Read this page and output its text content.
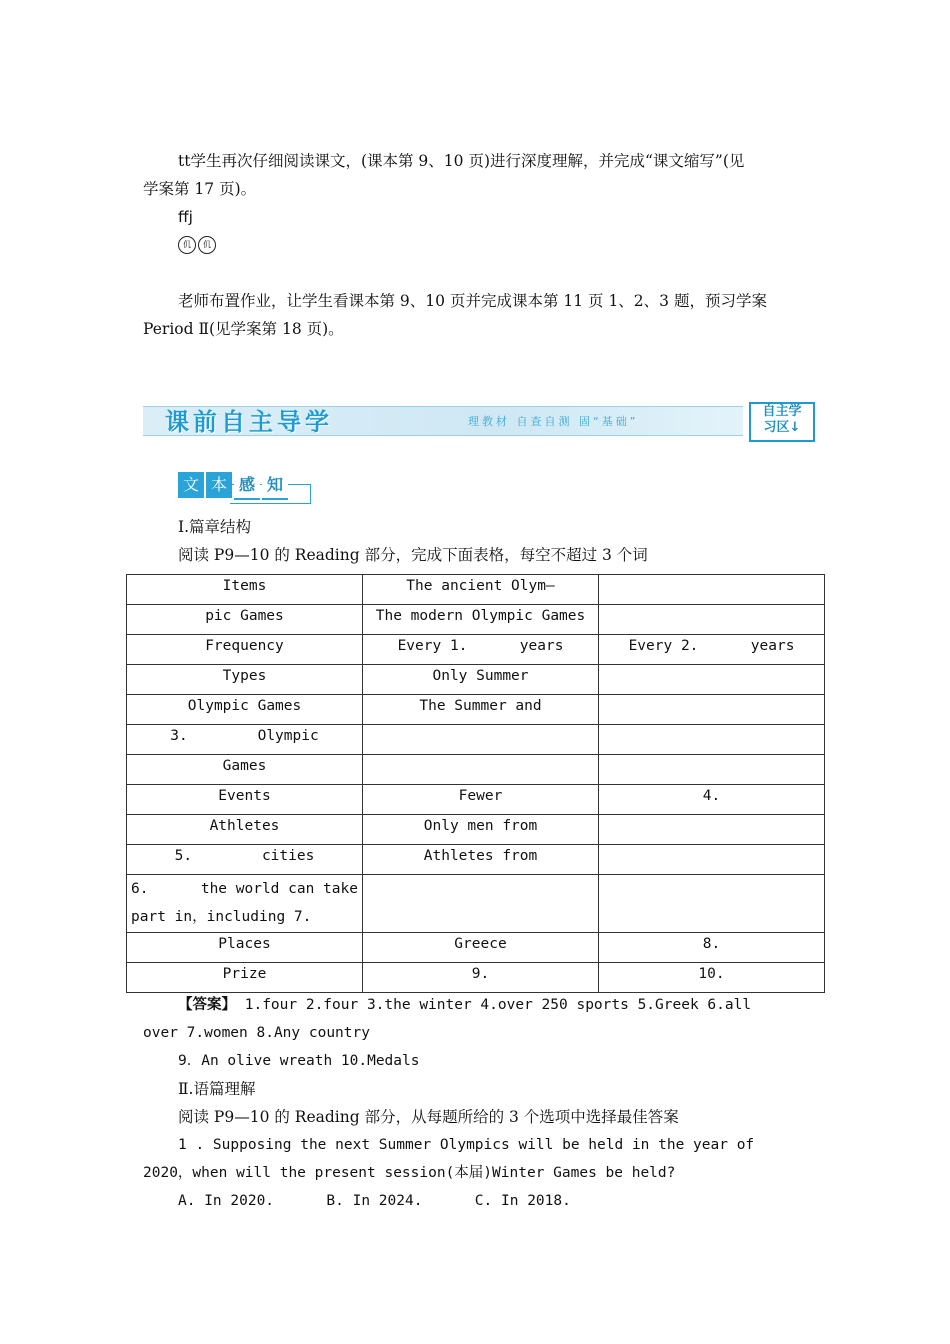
tt学生再次仔细阅读课文，(课本第 9、10 页)进行深度理解，并完成“课文缩写”(见
学案第 17 页)。
ffj
仉	仉
老师布置作业，让学生看课本第 9、10 页并完成课本第 11 页 1、2、3 题，预习学案
Period Ⅱ(见学案第 18 页)。
课前自主导学	理教材 自查自测 固“基础”
自主学
习区↓
文 本 感 知
Ⅰ.篇章结构
阅读 P9—10 的 Reading 部分，完成下面表格，每空不超过 3 个词
Items	The ancient Olym—	
pic Games	The modern Olympic Games	
Frequency	Every 1.      years	Every 2.      years
Types	Only Summer	
Olympic Games	The Summer and	
3.        Olympic		
Games		
Events	Fewer	4.
Athletes	Only men from	
5.        cities	Athletes from	
6.      the world can take
part in，including 7.		
Places	Greece	8.
Prize	9.	10.
【答案】 1.four 2.four 3.the winter 4.over 250 sports 5.Greek 6.all
over 7.women 8.Any country
9．An olive wreath 10.Medals
Ⅱ.语篇理解
阅读 P9—10 的 Reading 部分，从每题所给的 3 个选项中选择最佳答案
1 . Supposing the next Summer Olympics will be held in the year of
2020，when will the present session(本届)Winter Games be held?
A. In 2020.      B. In 2024.      C. In 2018.
